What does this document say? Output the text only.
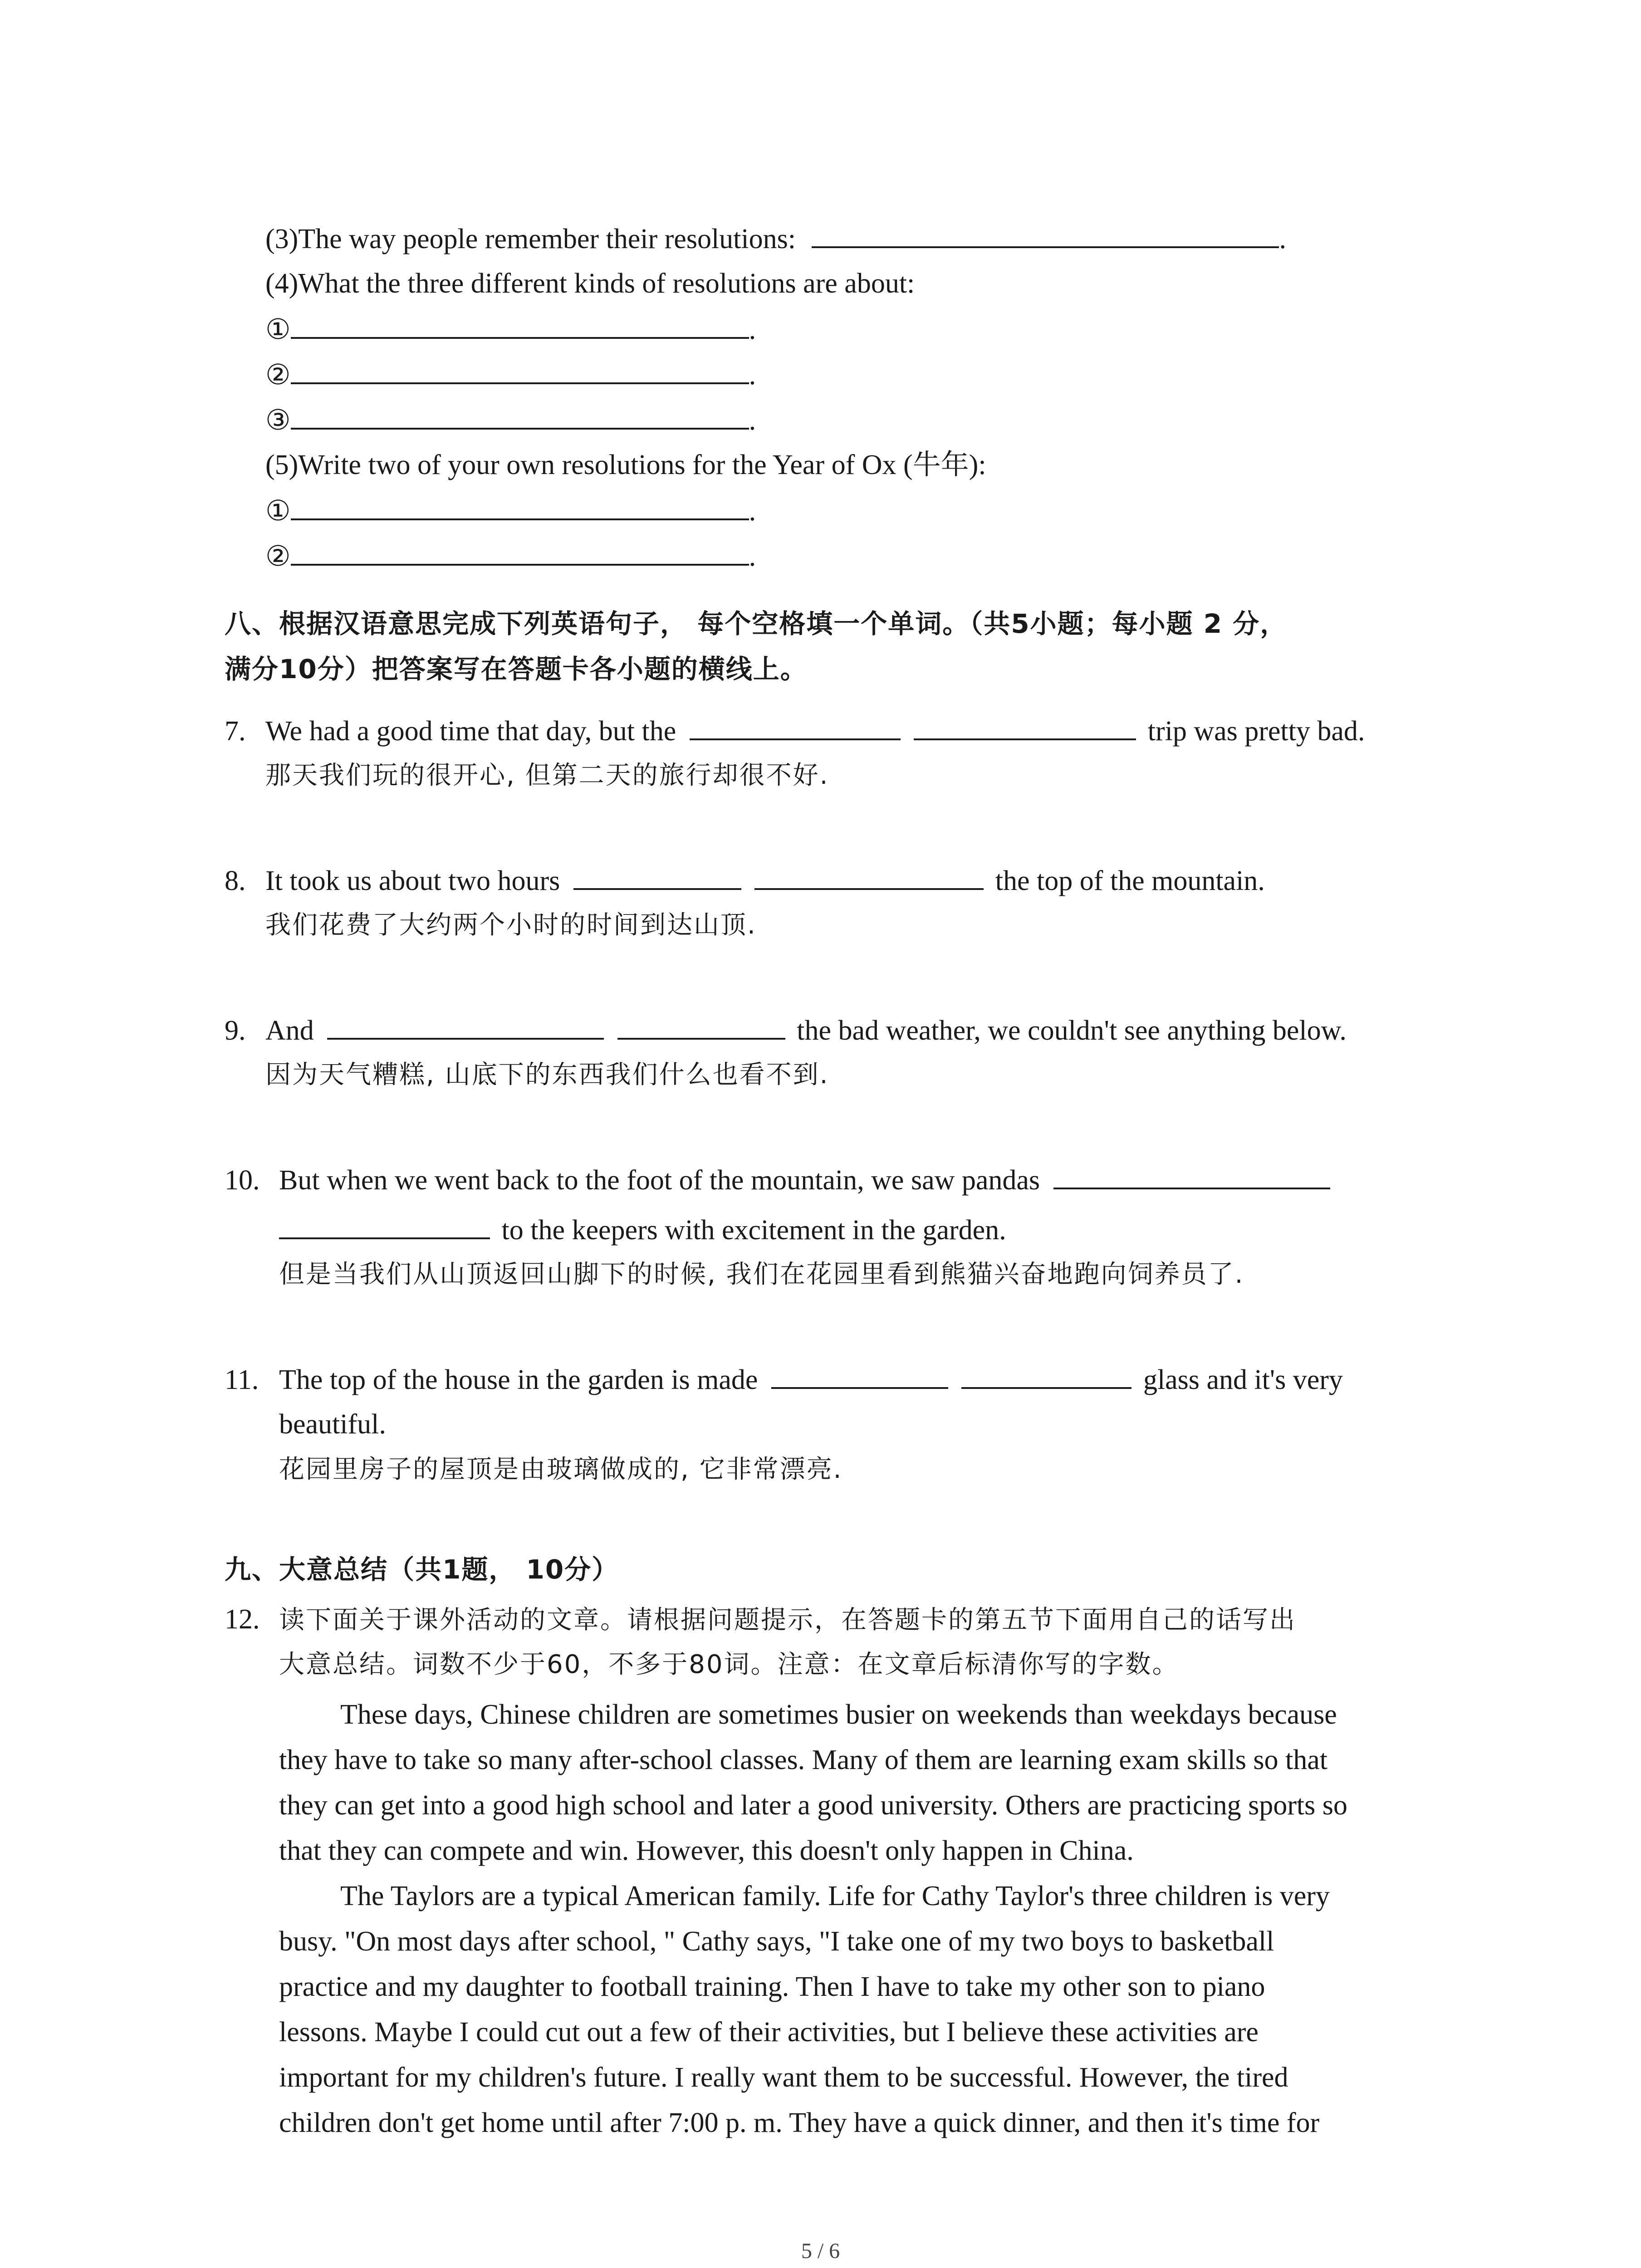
(3)The way people remember their resolutions:	.
(4)What the three different kinds of resolutions are about:
①	.
②	.
③	.
(5)Write two of your own resolutions for the Year of Ox (牛年):
①	.
②	.
八、根据汉语意思完成下列英语句子， 每个空格填一个单词。（共5小题；每小题 2 分，
满分10分）把答案写在答题卡各小题的横线上。
7. We had a good time that day, but the	trip was pretty bad.
那天我们玩的很开心, 但第二天的旅行却很不好.
8. It took us about two hours	the top of the mountain.
我们花费了大约两个小时的时间到达山顶.
9. And	the bad weather, we couldn't see anything below.
因为天气糟糕, 山底下的东西我们什么也看不到.
10. But when we went back to the foot of the mountain, we saw pandas
to the keepers with excitement in the garden.
但是当我们从山顶返回山脚下的时候, 我们在花园里看到熊猫兴奋地跑向饲养员了.
11. The top of the house in the garden is made	glass and it's very
beautiful.
花园里房子的屋顶是由玻璃做成的, 它非常漂亮.
九、大意总结（共1题， 10分）
12. 读下面关于课外活动的文章。请根据问题提示，在答题卡的第五节下面用自己的话写出
大意总结。词数不少于60，不多于80词。注意：在文章后标清你写的字数。
These days, Chinese children are sometimes busier on weekends than weekdays because
they have to take so many after-school classes. Many of them are learning exam skills so that
they can get into a good high school and later a good university. Others are practicing sports so
that they can compete and win. However, this doesn't only happen in China.
The Taylors are a typical American family. Life for Cathy Taylor's three children is very
busy. "On most days after school, " Cathy says, "I take one of my two boys to basketball
practice and my daughter to football training. Then I have to take my other son to piano
lessons. Maybe I could cut out a few of their activities, but I believe these activities are
important for my children's future. I really want them to be successful. However, the tired
children don't get home until after 7:00 p. m. They have a quick dinner, and then it's time for
5 / 6
